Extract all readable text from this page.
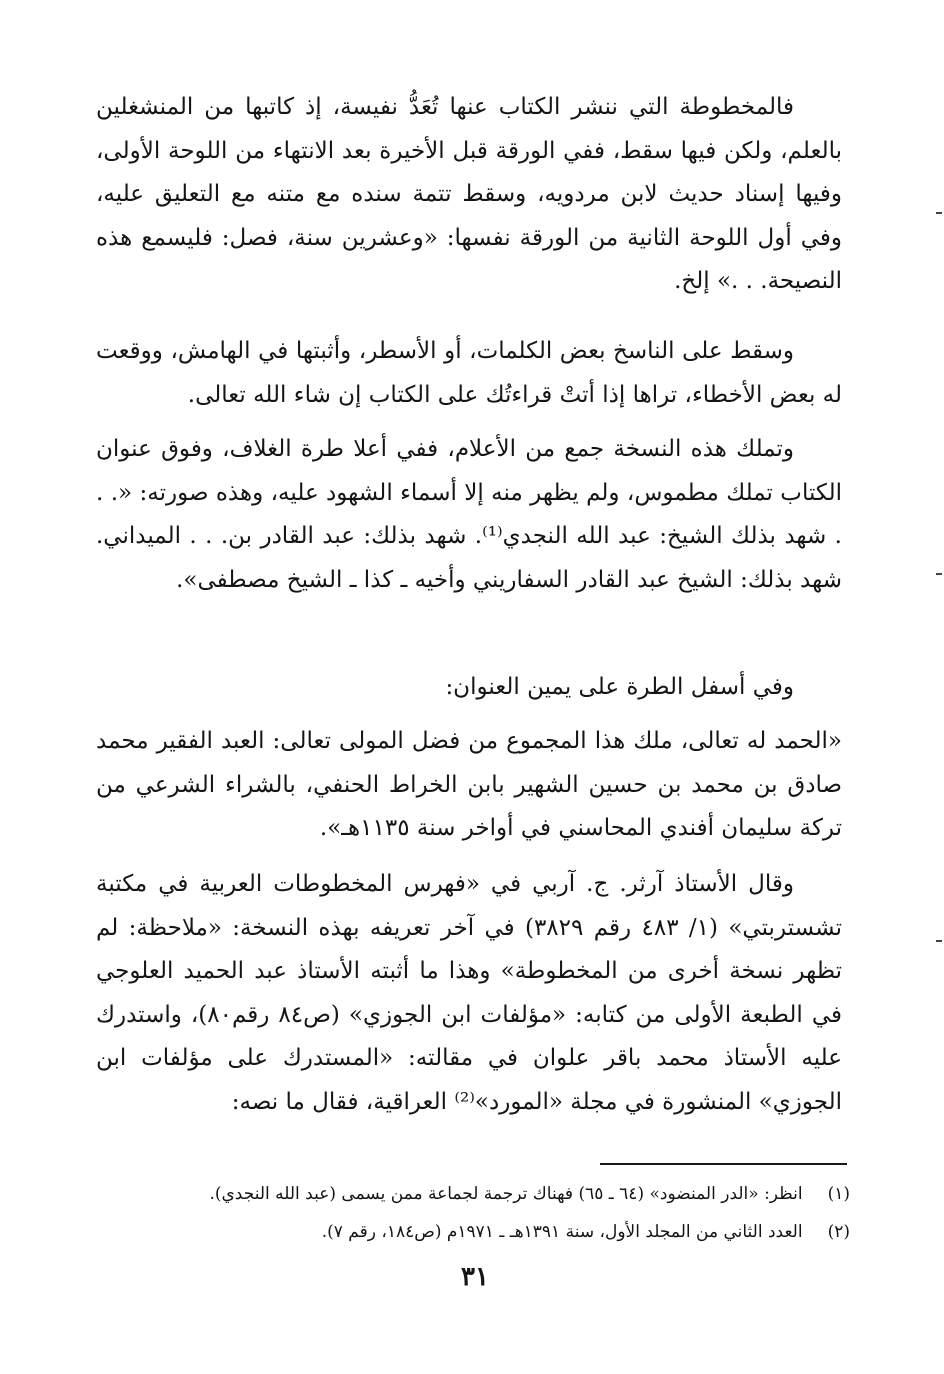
فالمخطوطة التي ننشر الكتاب عنها تُعَدُّ نفيسة، إذ كاتبها من المنشغلين بالعلم، ولكن فيها سقط، ففي الورقة قبل الأخيرة بعد الانتهاء من اللوحة الأولى، وفيها إسناد حديث لابن مردويه، وسقط تتمة سنده مع متنه مع التعليق عليه، وفي أول اللوحة الثانية من الورقة نفسها: «وعشرين سنة، فصل: فليسمع هذه النصيحة. . .» إلخ.
وسقط على الناسخ بعض الكلمات، أو الأسطر، وأثبتها في الهامش، ووقعت له بعض الأخطاء، تراها إذا أتتْ قراءتُك على الكتاب إن شاء الله تعالى.
وتملك هذه النسخة جمع من الأعلام، ففي أعلا طرة الغلاف، وفوق عنوان الكتاب تملك مطموس، ولم يظهر منه إلا أسماء الشهود عليه، وهذه صورته: «. . . شهد بذلك الشيخ: عبد الله النجدي⁽¹⁾. شهد بذلك: عبد القادر بن. . . الميداني. شهد بذلك: الشيخ عبد القادر السفاريني وأخيه ـ كذا ـ الشيخ مصطفى».
وفي أسفل الطرة على يمين العنوان:
«الحمد له تعالى، ملك هذا المجموع من فضل المولى تعالى: العبد الفقير محمد صادق بن محمد بن حسين الشهير بابن الخراط الحنفي، بالشراء الشرعي من تركة سليمان أفندي المحاسني في أواخر سنة ١١٣٥هـ».
وقال الأستاذ آرثر. ج. آربي في «فهرس المخطوطات العربية في مكتبة تشستربتي» (١/ ٤٨٣ رقم ٣٨٢٩) في آخر تعريفه بهذه النسخة: «ملاحظة: لم تظهر نسخة أخرى من المخطوطة» وهذا ما أثبته الأستاذ عبد الحميد العلوجي في الطبعة الأولى من كتابه: «مؤلفات ابن الجوزي» (ص٨٤ رقم٨٠)، واستدرك عليه الأستاذ محمد باقر علوان في مقالته: «المستدرك على مؤلفات ابن الجوزي» المنشورة في مجلة «المورد»⁽²⁾ العراقية، فقال ما نصه:
(١) انظر: «الدر المنضود» (٦٤ ـ ٦٥) فهناك ترجمة لجماعة ممن يسمى (عبد الله النجدي).
(٢) العدد الثاني من المجلد الأول، سنة ١٣٩١هـ ـ ١٩٧١م (ص١٨٤، رقم ٧).
٣١
